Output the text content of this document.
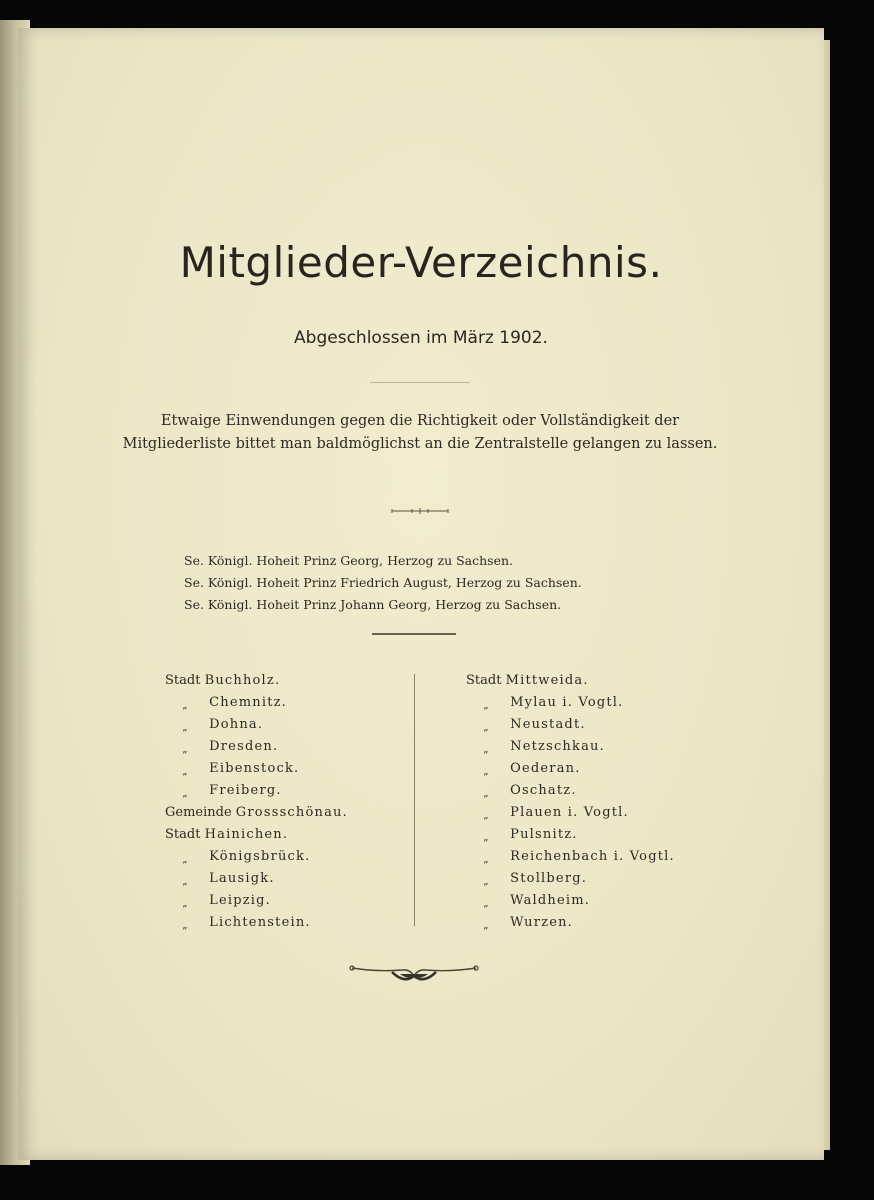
Mitglieder-Verzeichnis.
Abgeschlossen im März 1902.
Etwaige Einwendungen gegen die Richtigkeit oder Vollständigkeit der Mitgliederliste bittet man baldmöglichst an die Zentralstelle gelangen zu lassen.
Se. Königl. Hoheit Prinz Georg, Herzog zu Sachsen.
Se. Königl. Hoheit Prinz Friedrich August, Herzog zu Sachsen.
Se. Königl. Hoheit Prinz Johann Georg, Herzog zu Sachsen.
Stadt Buchholz.
„ Chemnitz.
„ Dohna.
„ Dresden.
„ Eibenstock.
„ Freiberg.
Gemeinde Grossschönau.
Stadt Hainichen.
„ Königsbrück.
„ Lausigk.
„ Leipzig.
„ Lichtenstein.
Stadt Mittweida.
„ Mylau i. Vogtl.
„ Neustadt.
„ Netzschkau.
„ Oederan.
„ Oschatz.
„ Plauen i. Vogtl.
„ Pulsnitz.
„ Reichenbach i. Vogtl.
„ Stollberg.
„ Waldheim.
„ Wurzen.
